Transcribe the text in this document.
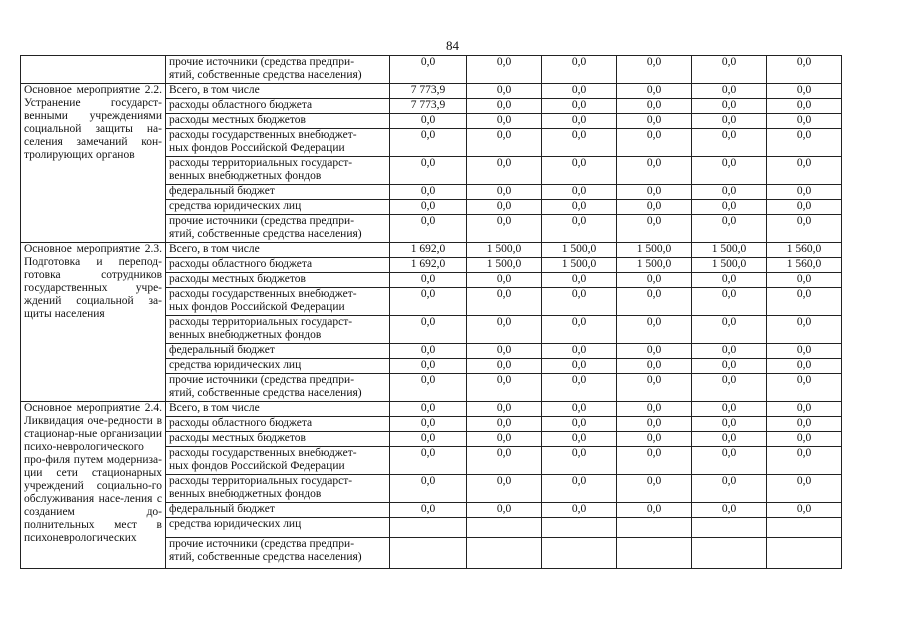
84
	прочие источники (средства предпри-
ятий, собственные средства населения)	0,0	0,0	0,0	0,0	0,0	0,0
Основное мероприятие 2.2. Устранение государст-венными учреждениями социальной защиты на-селения замечаний кон-тролирующих органов	Всего, в том числе	7 773,9	0,0	0,0	0,0	0,0	0,0
	расходы областного бюджета	7 773,9	0,0	0,0	0,0	0,0	0,0
	расходы местных бюджетов	0,0	0,0	0,0	0,0	0,0	0,0
	расходы государственных внебюджет-
ных фондов Российской Федерации	0,0	0,0	0,0	0,0	0,0	0,0
	расходы территориальных государст-
венных внебюджетных фондов	0,0	0,0	0,0	0,0	0,0	0,0
	федеральный бюджет	0,0	0,0	0,0	0,0	0,0	0,0
	средства юридических лиц	0,0	0,0	0,0	0,0	0,0	0,0
	прочие источники (средства предпри-
ятий, собственные средства населения)	0,0	0,0	0,0	0,0	0,0	0,0
Основное мероприятие 2.3. Подготовка и перепод-готовка сотрудников государственных учре-ждений социальной за-щиты населения	Всего, в том числе	1 692,0	1 500,0	1 500,0	1 500,0	1 500,0	1 560,0
	расходы областного бюджета	1 692,0	1 500,0	1 500,0	1 500,0	1 500,0	1 560,0
	расходы местных бюджетов	0,0	0,0	0,0	0,0	0,0	0,0
	расходы государственных внебюджет-
ных фондов Российской Федерации	0,0	0,0	0,0	0,0	0,0	0,0
	расходы территориальных государст-
венных внебюджетных фондов	0,0	0,0	0,0	0,0	0,0	0,0
	федеральный бюджет	0,0	0,0	0,0	0,0	0,0	0,0
	средства юридических лиц	0,0	0,0	0,0	0,0	0,0	0,0
	прочие источники (средства предпри-
ятий, собственные средства населения)	0,0	0,0	0,0	0,0	0,0	0,0
Основное мероприятие 2.4. Ликвидация оче-редности в стационар-ные организации психо-неврологического про-филя путем модерниза-ции сети стационарных учреждений социально-го обслуживания насе-ления с созданием до-полнительных мест в психоневрологических	Всего, в том числе	0,0	0,0	0,0	0,0	0,0	0,0
	расходы областного бюджета	0,0	0,0	0,0	0,0	0,0	0,0
	расходы местных бюджетов	0,0	0,0	0,0	0,0	0,0	0,0
	расходы государственных внебюджет-
ных фондов Российской Федерации	0,0	0,0	0,0	0,0	0,0	0,0
	расходы территориальных государст-
венных внебюджетных фондов	0,0	0,0	0,0	0,0	0,0	0,0
	федеральный бюджет	0,0	0,0	0,0	0,0	0,0	0,0
	средства юридических лиц						
	прочие источники (средства предпри-
ятий, собственные средства населения)						
